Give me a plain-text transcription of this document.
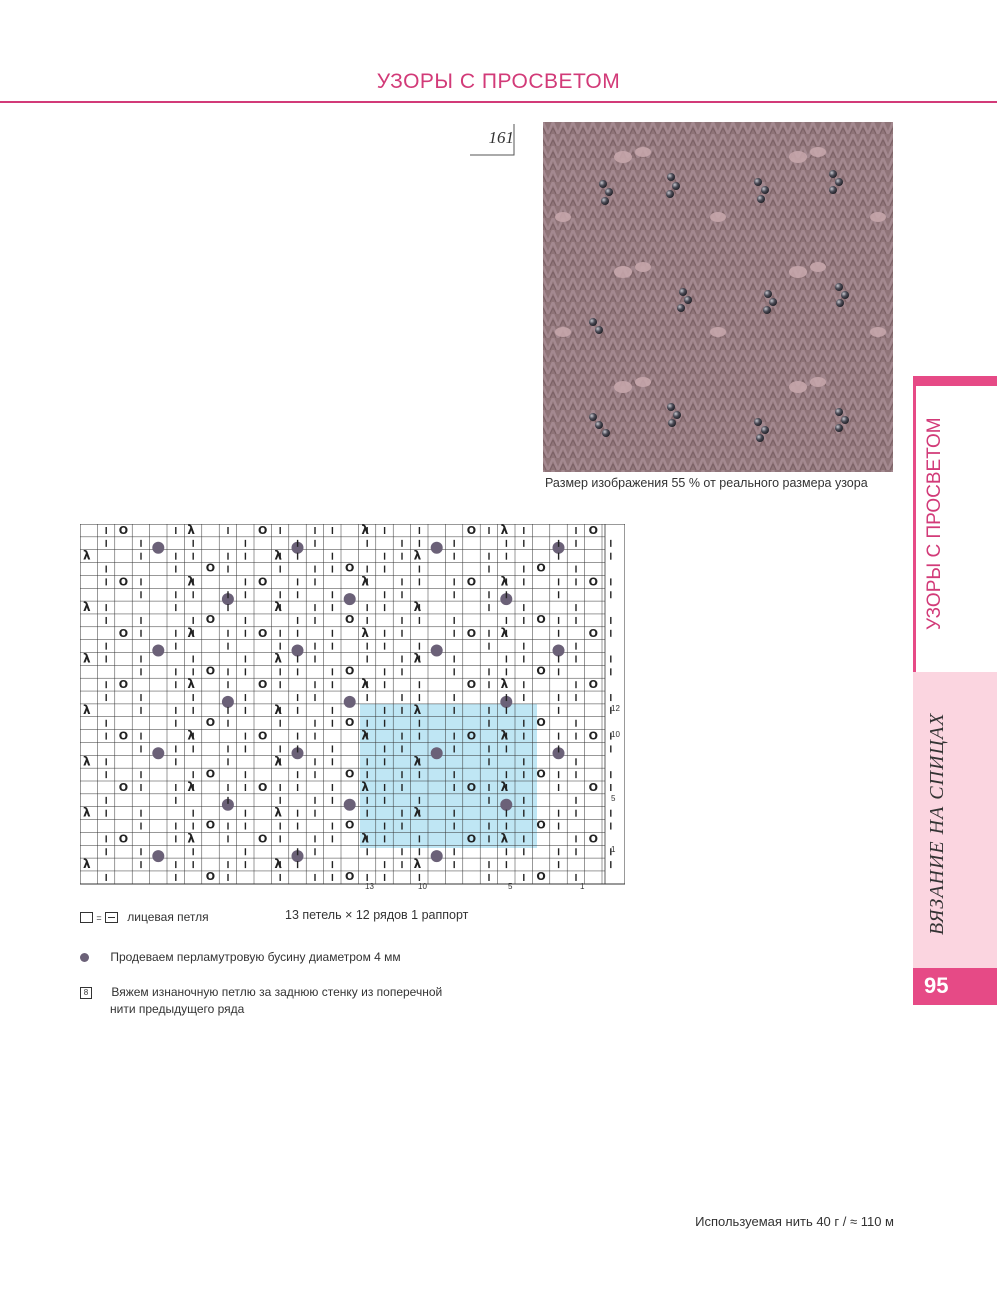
УЗОРЫ С ПРОСВЕТОМ
161
Размер изображения 55 % от реального размера узора	УЗОРЫ С ПРОСВЕТОМ
ВЯЗАНИЕ НА СПИЦАХ
95
O	O	O	O
O	O	O
O	O	O	O
O	O	O
O	O	O	O
O	O	O
O	O	O	O
O	O	O
O	O	O	O
O	O	O
O	O	O	O
O	O	O
O	O	O	O
O	O	O
λ	λ	λ
λ	λ	λ
λ	λ	λ
λ	λ	λ
λ	λ	λ
λ	λ	λ
λ	λ	λ
λ	λ	λ
λ	λ	λ
λ	λ	λ
λ	λ	λ
λ	λ	λ
λ	λ	λ
λ	λ	λ
12
10
5
1
13	10	5	1
= лицевая петля	13 петель × 12 рядов 1 раппорт
Продеваем перламутровую бусину диаметром 4 мм
8 Вяжем изнаночную петлю за заднюю стенку из поперечной
нити предыдущего ряда
Используемая нить 40 г / ≈ 110 м
